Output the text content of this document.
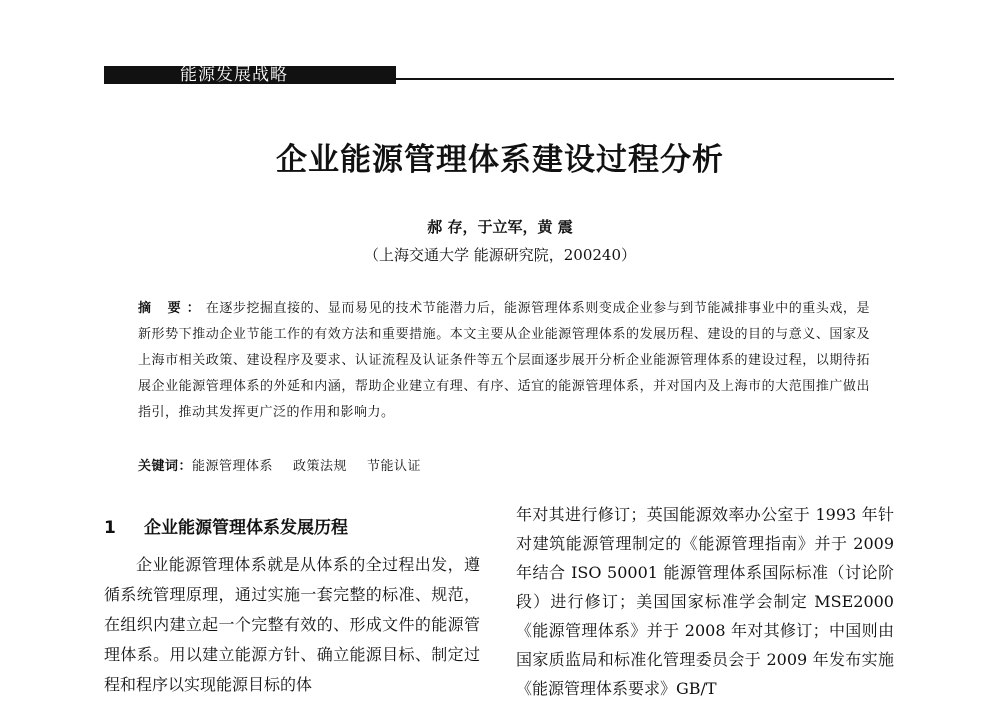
能源发展战略
企业能源管理体系建设过程分析
郝 存，于立军，黄 震
（上海交通大学 能源研究院，200240）
摘 要：在逐步挖掘直接的、显而易见的技术节能潜力后，能源管理体系则变成企业参与到节能减排事业中的重头戏，是新形势下推动企业节能工作的有效方法和重要措施。本文主要从企业能源管理体系的发展历程、建设的目的与意义、国家及上海市相关政策、建设程序及要求、认证流程及认证条件等五个层面逐步展开分析企业能源管理体系的建设过程，以期待拓展企业能源管理体系的外延和内涵，帮助企业建立有理、有序、适宜的能源管理体系，并对国内及上海市的大范围推广做出指引，推动其发挥更广泛的作用和影响力。
关键词：能源管理体系 政策法规 节能认证

1 企业能源管理体系发展历程

企业能源管理体系就是从体系的全过程出发，遵循系统管理原理，通过实施一套完整的标准、规范，在组织内建立起一个完整有效的、形成文件的能源管理体系。用以建立能源方针、确立能源目标、制定过程和程序以实现能源目标的体

年对其进行修订；英国能源效率办公室于 1993 年针对建筑能源管理制定的《能源管理指南》并于 2009 年结合 ISO 50001 能源管理体系国际标准（讨论阶段）进行修订；美国国家标准学会制定 MSE2000《能源管理体系》并于 2008 年对其修订；中国则由国家质监局和标准化管理委员会于 2009 年发布实施《能源管理体系要求》GB/T
